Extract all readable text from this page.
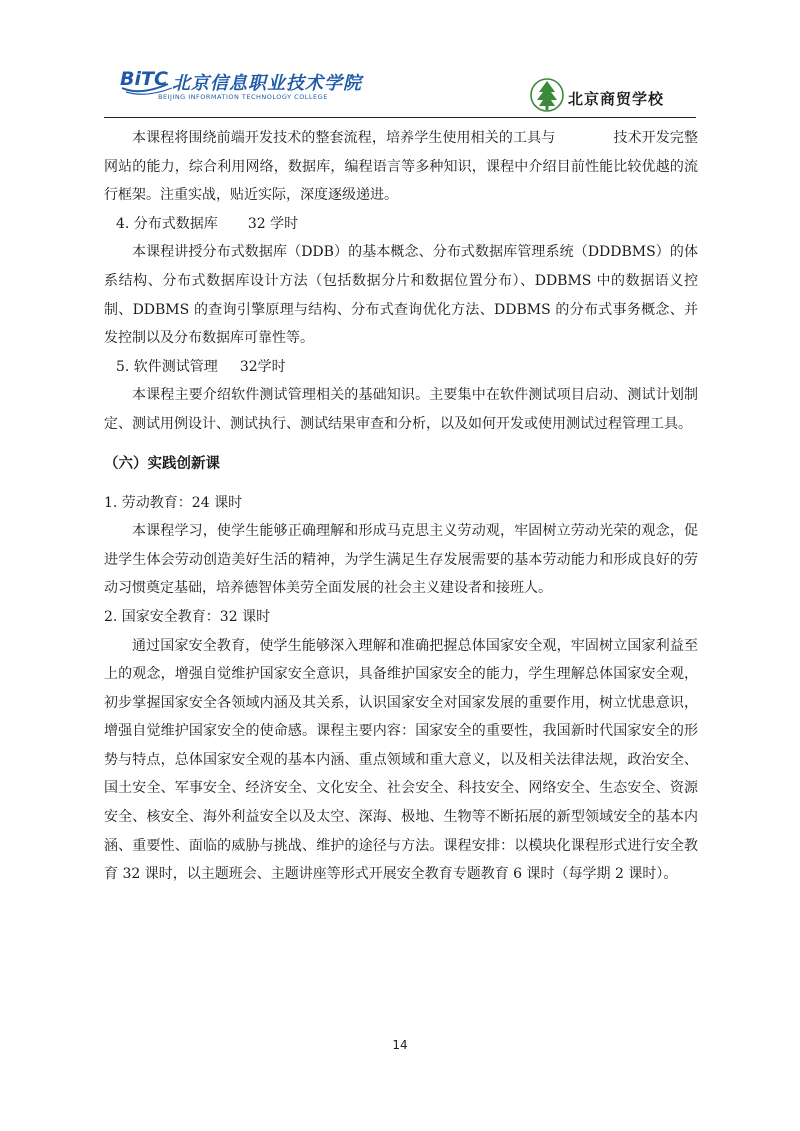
BiTC 北京信息职业技术学院
BEIJING INFORMATION TECHNOLOGY COLLEGE	北京商贸学校

本课程将围绕前端开发技术的整套流程，培养学生使用相关的工具与	技术开发完整网站的能力，综合利用网络，数据库，编程语言等多种知识，课程中介绍目前性能比较优越的流行框架。注重实战，贴近实际，深度逐级递进。

4. 分布式数据库 32 学时

本课程讲授分布式数据库（DDB）的基本概念、分布式数据库管理系统（DDDBMS）的体系结构、分布式数据库设计方法（包括数据分片和数据位置分布）、DDBMS 中的数据语义控制、DDBMS 的查询引擎原理与结构、分布式查询优化方法、DDBMS 的分布式事务概念、并发控制以及分布数据库可靠性等。

5. 软件测试管理 32学时

本课程主要介绍软件测试管理相关的基础知识。主要集中在软件测试项目启动、测试计划制定、测试用例设计、测试执行、测试结果审查和分析，以及如何开发或使用测试过程管理工具。

（六）实践创新课

1. 劳动教育：24 课时

本课程学习，使学生能够正确理解和形成马克思主义劳动观，牢固树立劳动光荣的观念，促进学生体会劳动创造美好生活的精神，为学生满足生存发展需要的基本劳动能力和形成良好的劳动习惯奠定基础，培养德智体美劳全面发展的社会主义建设者和接班人。

2. 国家安全教育：32 课时

通过国家安全教育，使学生能够深入理解和准确把握总体国家安全观，牢固树立国家利益至上的观念，增强自觉维护国家安全意识，具备维护国家安全的能力，学生理解总体国家安全观，初步掌握国家安全各领域内涵及其关系，认识国家安全对国家发展的重要作用，树立忧患意识，增强自觉维护国家安全的使命感。课程主要内容：国家安全的重要性，我国新时代国家安全的形势与特点，总体国家安全观的基本内涵、重点领域和重大意义，以及相关法律法规，政治安全、国土安全、军事安全、经济安全、文化安全、社会安全、科技安全、网络安全、生态安全、资源安全、核安全、海外利益安全以及太空、深海、极地、生物等不断拓展的新型领域安全的基本内涵、重要性、面临的威胁与挑战、维护的途径与方法。课程安排：以模块化课程形式进行安全教育 32 课时，以主题班会、主题讲座等形式开展安全教育专题教育 6 课时（每学期 2 课时）。

14
